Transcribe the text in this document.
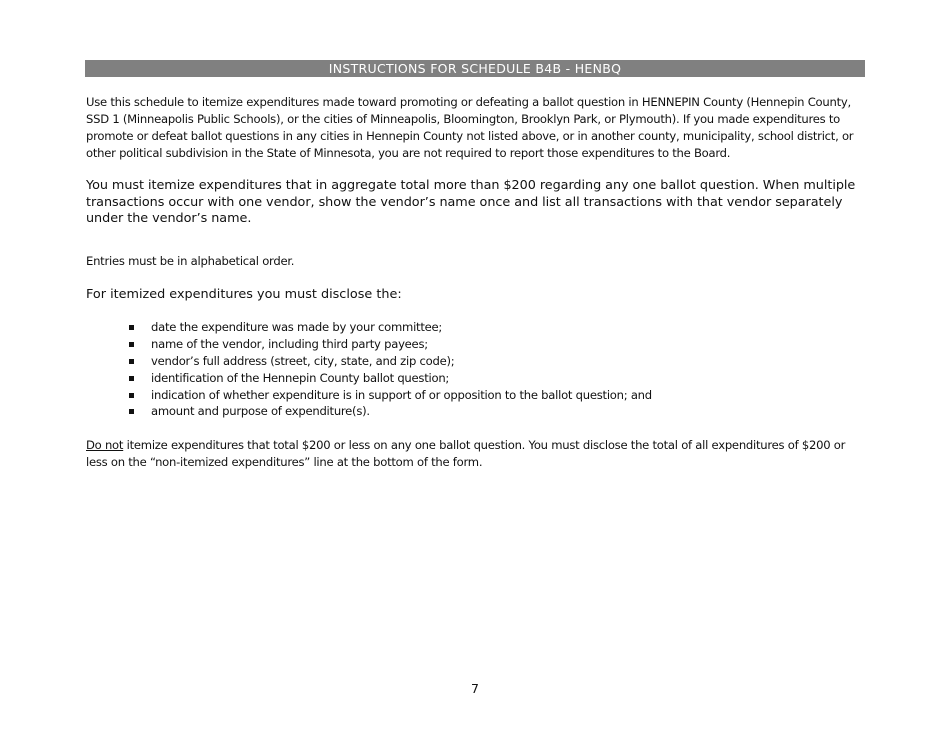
INSTRUCTIONS FOR SCHEDULE B4B - HENBQ

Use this schedule to itemize expenditures made toward promoting or defeating a ballot question in HENNEPIN County (Hennepin County, SSD 1 (Minneapolis Public Schools), or the cities of Minneapolis, Bloomington, Brooklyn Park, or Plymouth). If you made expenditures to promote or defeat ballot questions in any cities in Hennepin County not listed above, or in another county, municipality, school district, or other political subdivision in the State of Minnesota, you are not required to report those expenditures to the Board.

You must itemize expenditures that in aggregate total more than $200 regarding any one ballot question. When multiple transactions occur with one vendor, show the vendor’s name once and list all transactions with that vendor separately under the vendor’s name.

Entries must be in alphabetical order.

For itemized expenditures you must disclose the:

date the expenditure was made by your committee;
name of the vendor, including third party payees;
vendor’s full address (street, city, state, and zip code);
identification of the Hennepin County ballot question;
indication of whether expenditure is in support of or opposition to the ballot question; and
amount and purpose of expenditure(s).

Do not itemize expenditures that total $200 or less on any one ballot question. You must disclose the total of all expenditures of $200 or less on the “non-itemized expenditures” line at the bottom of the form.

7
